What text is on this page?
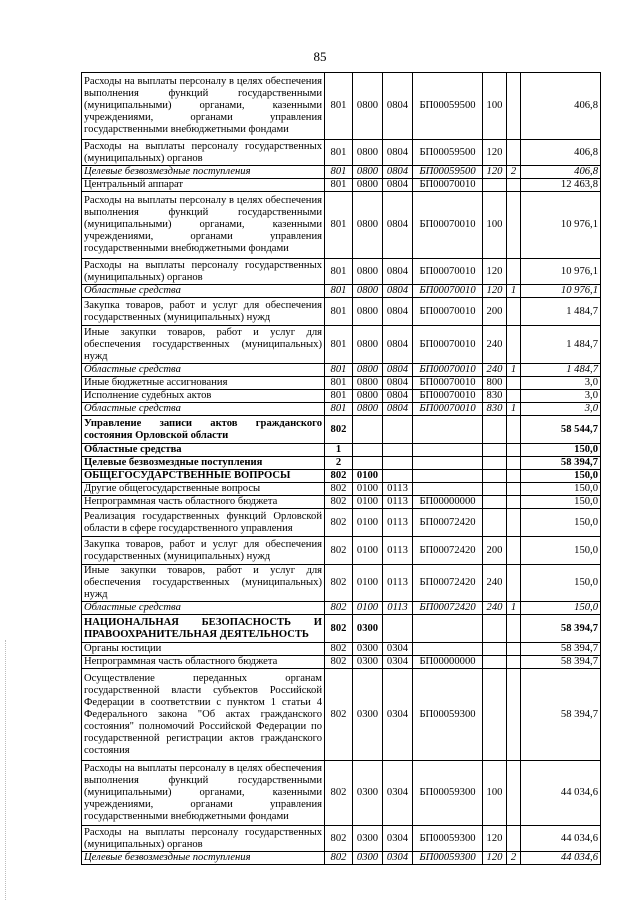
85
Расходы на выплаты персоналу в целях обеспечения выполнения функций государственными (муниципальными) органами, казенными учреждениями, органами управления государственными внебюджетными фондами	801	0800	0804	БП00059500	100		406,8
Расходы на выплаты персоналу государственных (муниципальных) органов	801	0800	0804	БП00059500	120		406,8
Целевые безвозмездные поступления	801	0800	0804	БП00059500	120	2	406,8
Центральный аппарат	801	0800	0804	БП00070010			12 463,8
Расходы на выплаты персоналу в целях обеспечения выполнения функций государственными (муниципальными) органами, казенными учреждениями, органами управления государственными внебюджетными фондами	801	0800	0804	БП00070010	100		10 976,1
Расходы на выплаты персоналу государственных (муниципальных) органов	801	0800	0804	БП00070010	120		10 976,1
Областные средства	801	0800	0804	БП00070010	120	1	10 976,1
Закупка товаров, работ и услуг для обеспечения государственных (муниципальных) нужд	801	0800	0804	БП00070010	200		1 484,7
Иные закупки товаров, работ и услуг для обеспечения государственных (муниципальных) нужд	801	0800	0804	БП00070010	240		1 484,7
Областные средства	801	0800	0804	БП00070010	240	1	1 484,7
Иные бюджетные ассигнования	801	0800	0804	БП00070010	800		3,0
Исполнение судебных актов	801	0800	0804	БП00070010	830		3,0
Областные средства	801	0800	0804	БП00070010	830	1	3,0
Управление записи актов гражданского состояния Орловской области	802						58 544,7
Областные средства	1						150,0
Целевые безвозмездные поступления	2						58 394,7
ОБЩЕГОСУДАРСТВЕННЫЕ ВОПРОСЫ	802	0100					150,0
Другие общегосударственные вопросы	802	0100	0113				150,0
Непрограммная часть областного бюджета	802	0100	0113	БП00000000			150,0
Реализация государственных функций Орловской области в сфере государственного управления	802	0100	0113	БП00072420			150,0
Закупка товаров, работ и услуг для обеспечения государственных (муниципальных) нужд	802	0100	0113	БП00072420	200		150,0
Иные закупки товаров, работ и услуг для обеспечения государственных (муниципальных) нужд	802	0100	0113	БП00072420	240		150,0
Областные средства	802	0100	0113	БП00072420	240	1	150,0
НАЦИОНАЛЬНАЯ БЕЗОПАСНОСТЬ И ПРАВООХРАНИТЕЛЬНАЯ ДЕЯТЕЛЬНОСТЬ	802	0300					58 394,7
Органы юстиции	802	0300	0304				58 394,7
Непрограммная часть областного бюджета	802	0300	0304	БП00000000			58 394,7
Осуществление переданных органам государственной власти субъектов Российской Федерации в соответствии с пунктом 1 статьи 4 Федерального закона "Об актах гражданского состояния" полномочий Российской Федерации по государственной регистрации актов гражданского состояния	802	0300	0304	БП00059300			58 394,7
Расходы на выплаты персоналу в целях обеспечения выполнения функций государственными (муниципальными) органами, казенными учреждениями, органами управления государственными внебюджетными фондами	802	0300	0304	БП00059300	100		44 034,6
Расходы на выплаты персоналу государственных (муниципальных) органов	802	0300	0304	БП00059300	120		44 034,6
Целевые безвозмездные поступления	802	0300	0304	БП00059300	120	2	44 034,6
